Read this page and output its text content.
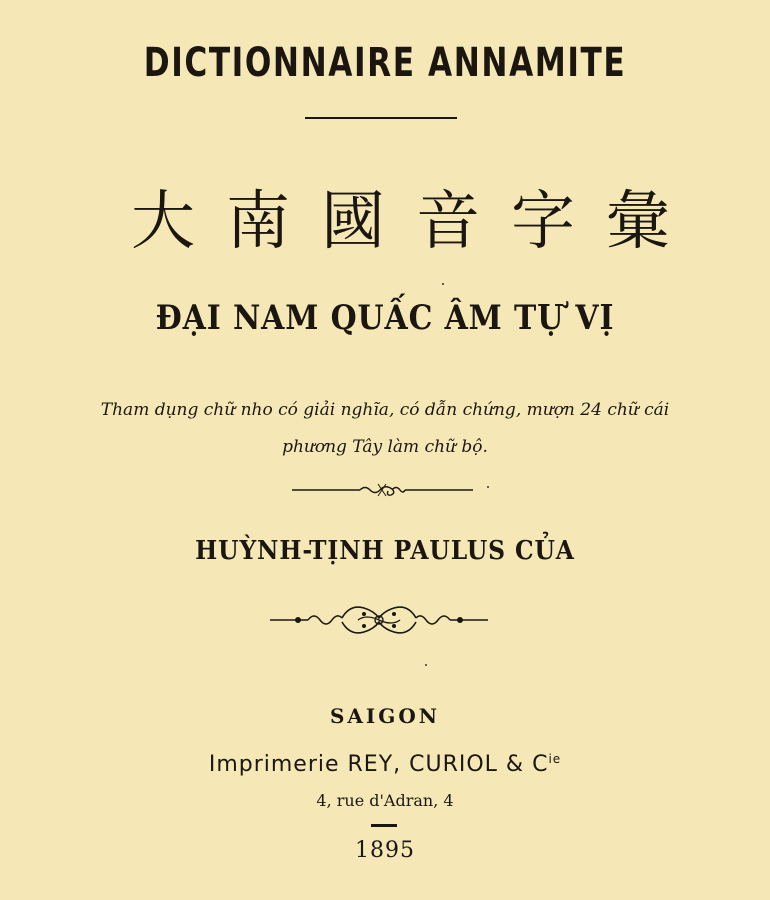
DICTIONNAIRE ANNAMITE
大南國音字彙
ĐẠI NAM QUẤC ÂM TỰ VỊ
Tham dụng chữ nho có giải nghĩa, có dẫn chứng, mượn 24 chữ cái
phương Tây làm chữ bộ.
HUỲNH-TỊNH PAULUS CỦA
SAIGON
Imprimerie REY, CURIOL & $C^{ie}$
4, rue d'Adran, 4
1895
